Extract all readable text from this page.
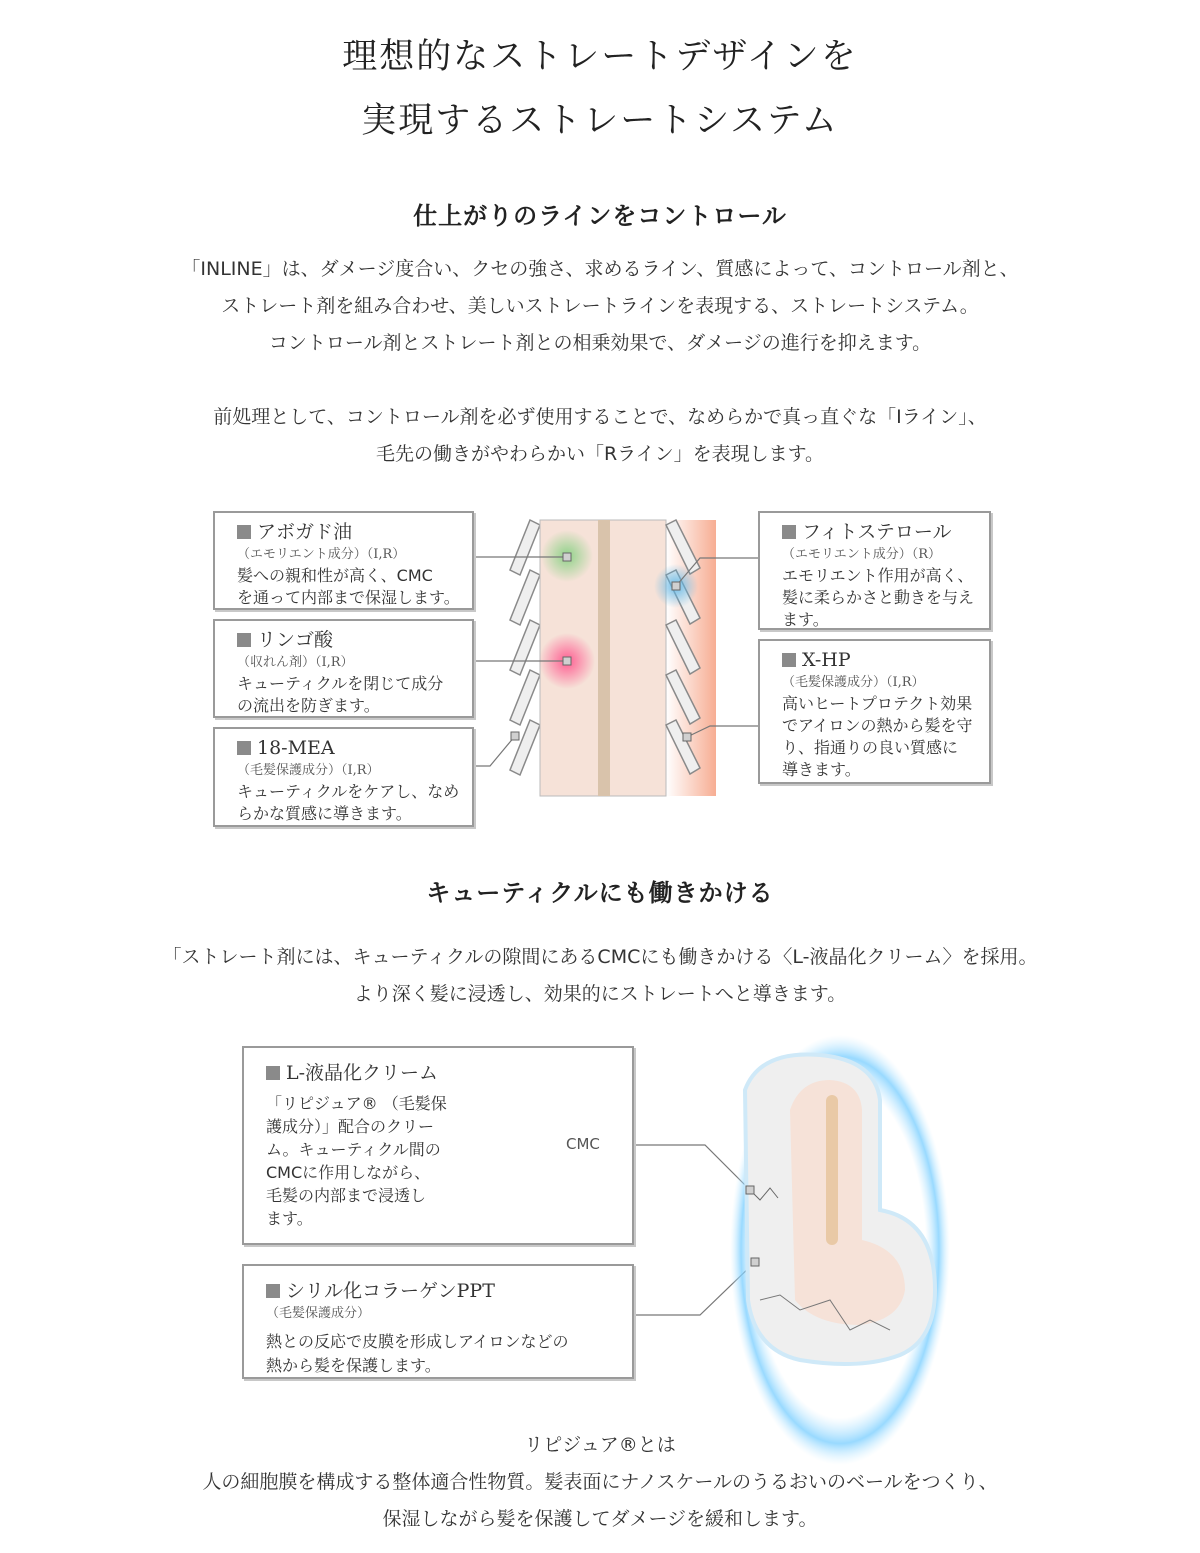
理想的なストレートデザインを
実現するストレートシステム
仕上がりのラインをコントロール

「INLINE」は、ダメージ度合い、クセの強さ、求めるライン、質感によって、コントロール剤と、

ストレート剤を組み合わせ、美しいストレートラインを表現する、ストレートシステム。

コントロール剤とストレート剤との相乗効果で、ダメージの進行を抑えます。

前処理として、コントロール剤を必ず使用することで、なめらかで真っ直ぐな「Iライン」、

毛先の働きがやわらかい「Rライン」を表現します。

アボガド油
（エモリエント成分）（I,R）
髪への親和性が高く、CMC
を通って内部まで保湿します。
リンゴ酸
（収れん剤）（I,R）
キューティクルを閉じて成分
の流出を防ぎます。
18-MEA
（毛髪保護成分）（I,R）
キューティクルをケアし、なめ
らかな質感に導きます。
フィトステロール
（エモリエント成分）（R）
エモリエント作用が高く、
髪に柔らかさと動きを与え
ます。
X-HP
（毛髪保護成分）（I,R）
高いヒートプロテクト効果
でアイロンの熱から髪を守
り、指通りの良い質感に
導きます。
キューティクルにも働きかける

「ストレート剤には、キューティクルの隙間にあるCMCにも働きかける〈L-液晶化クリーム〉を採用。

より深く髪に浸透し、効果的にストレートへと導きます。

L-液晶化クリーム
「リピジュア® （毛髪保
護成分）」配合のクリー
ム。キューティクル間の
CMCに作用しながら、
毛髪の内部まで浸透し
ます。
CMC
シリル化コラーゲンPPT
（毛髪保護成分）
熱との反応で皮膜を形成しアイロンなどの
熱から髪を保護します。

リピジュア®とは

人の細胞膜を構成する整体適合性物質。髪表面にナノスケールのうるおいのベールをつくり、

保湿しながら髪を保護してダメージを緩和します。
